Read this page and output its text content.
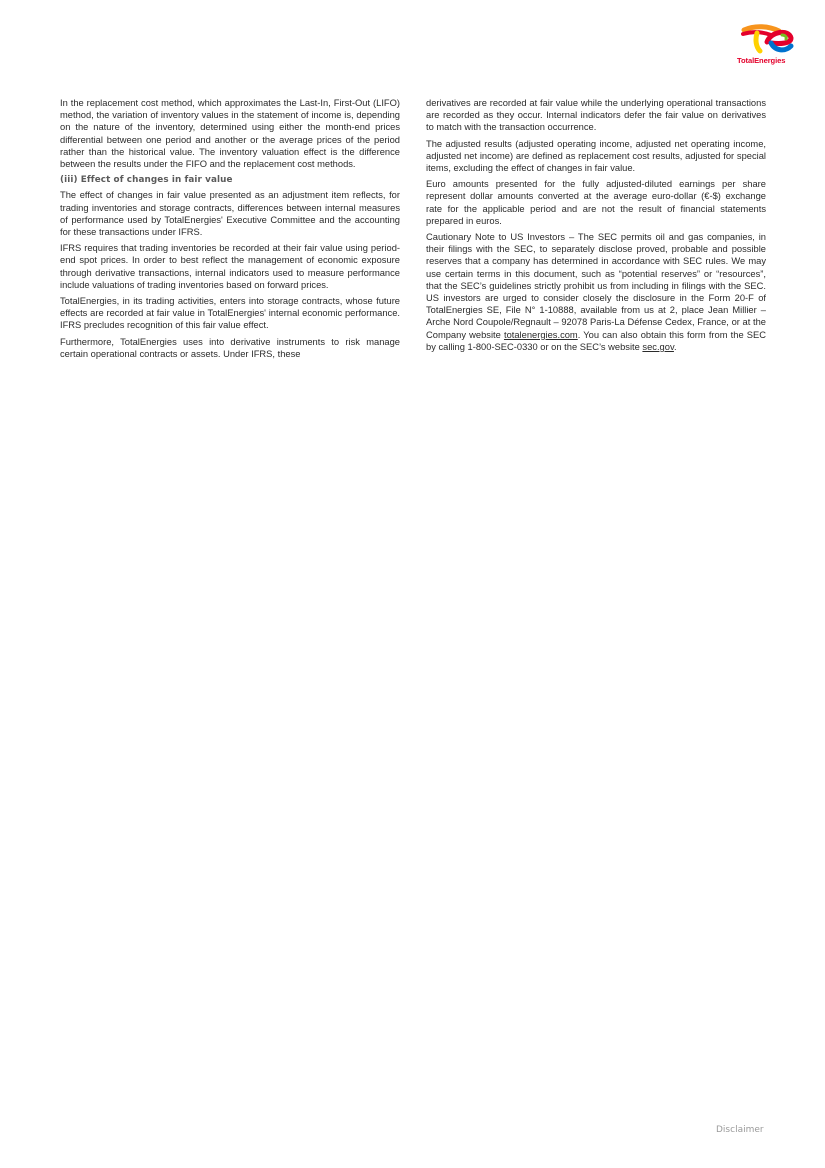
TotalEnergies

In the replacement cost method, which approximates the Last-In, First-Out (LIFO) method, the variation of inventory values in the statement of income is, depending on the nature of the inventory, determined using either the month-end prices differential between one period and another or the average prices of the period rather than the historical value. The inventory valuation effect is the difference between the results under the FIFO and the replacement cost methods.

(iii) Effect of changes in fair value

The effect of changes in fair value presented as an adjustment item reflects, for trading inventories and storage contracts, differences between internal measures of performance used by TotalEnergies' Executive Committee and the accounting for these transactions under IFRS.

IFRS requires that trading inventories be recorded at their fair value using period-end spot prices. In order to best reflect the management of economic exposure through derivative transactions, internal indicators used to measure performance include valuations of trading inventories based on forward prices.

TotalEnergies, in its trading activities, enters into storage contracts, whose future effects are recorded at fair value in TotalEnergies' internal economic performance. IFRS precludes recognition of this fair value effect.

Furthermore, TotalEnergies uses into derivative instruments to risk manage certain operational contracts or assets. Under IFRS, these

derivatives are recorded at fair value while the underlying operational transactions are recorded as they occur. Internal indicators defer the fair value on derivatives to match with the transaction occurrence.

The adjusted results (adjusted operating income, adjusted net operating income, adjusted net income) are defined as replacement cost results, adjusted for special items, excluding the effect of changes in fair value.

Euro amounts presented for the fully adjusted-diluted earnings per share represent dollar amounts converted at the average euro-dollar (€-$) exchange rate for the applicable period and are not the result of financial statements prepared in euros.

Cautionary Note to US Investors – The SEC permits oil and gas companies, in their filings with the SEC, to separately disclose proved, probable and possible reserves that a company has determined in accordance with SEC rules. We may use certain terms in this document, such as “potential reserves” or “resources”, that the SEC’s guidelines strictly prohibit us from including in filings with the SEC. US investors are urged to consider closely the disclosure in the Form 20-F of TotalEnergies SE, File N° 1-10888, available from us at 2, place Jean Millier – Arche Nord Coupole/Regnault – 92078 Paris-La Défense Cedex, France, or at the Company website totalenergies.com. You can also obtain this form from the SEC by calling 1-800-SEC-0330 or on the SEC’s website sec.gov.

Disclaimer
